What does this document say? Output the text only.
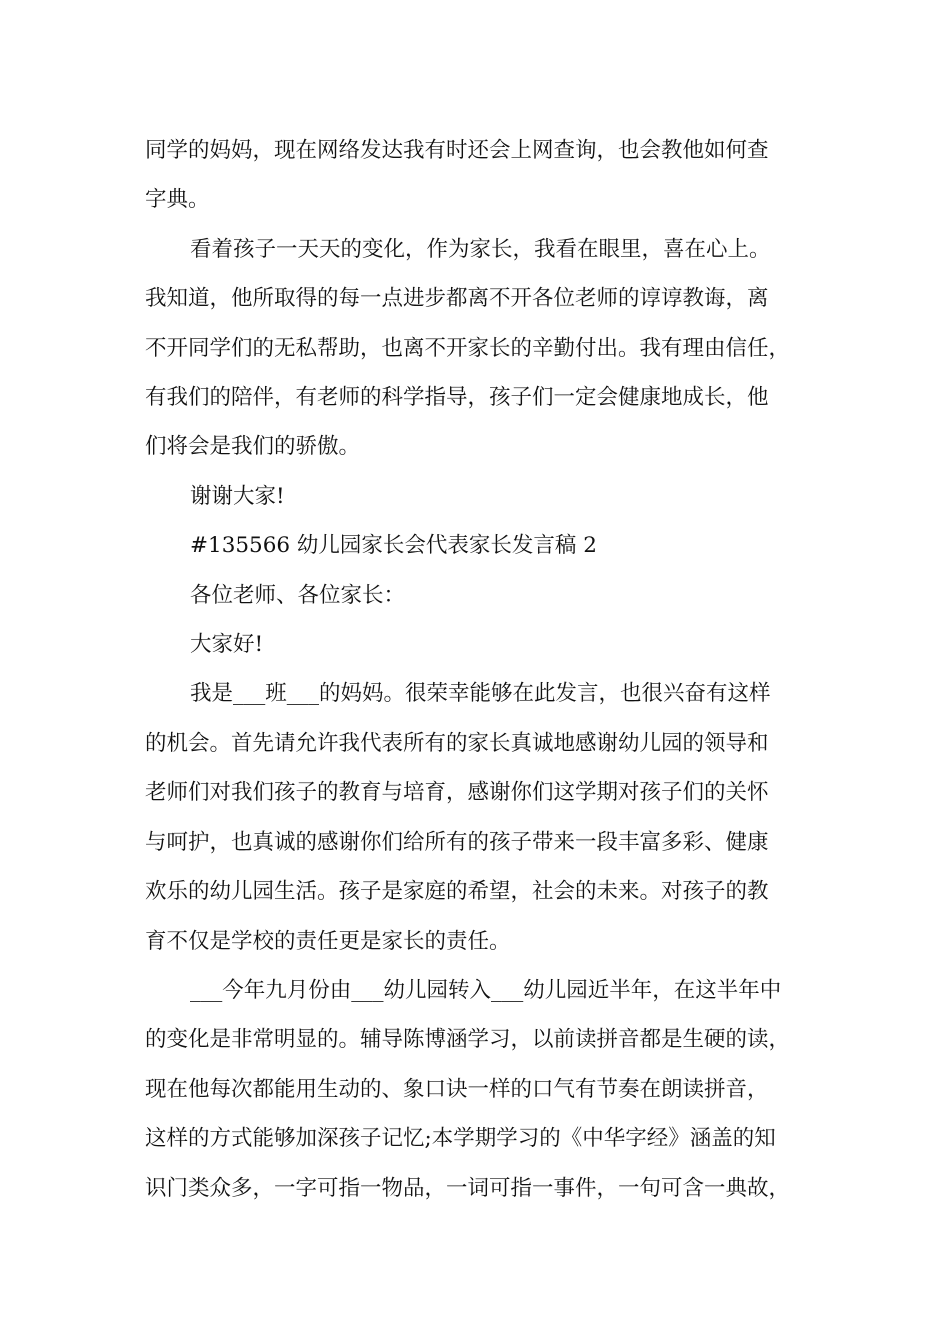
同学的妈妈，现在网络发达我有时还会上网查询，也会教他如何查
字典。

看着孩子一天天的变化，作为家长，我看在眼里，喜在心上。
我知道，他所取得的每一点进步都离不开各位老师的谆谆教诲，离
不开同学们的无私帮助，也离不开家长的辛勤付出。我有理由信任，
有我们的陪伴，有老师的科学指导，孩子们一定会健康地成长，他
们将会是我们的骄傲。

谢谢大家!

#135566 幼儿园家长会代表家长发言稿 2

各位老师、各位家长：

大家好!

我是___班___的妈妈。很荣幸能够在此发言，也很兴奋有这样
的机会。首先请允许我代表所有的家长真诚地感谢幼儿园的领导和
老师们对我们孩子的教育与培育，感谢你们这学期对孩子们的关怀
与呵护，也真诚的感谢你们给所有的孩子带来一段丰富多彩、健康
欢乐的幼儿园生活。孩子是家庭的希望，社会的未来。对孩子的教
育不仅是学校的责任更是家长的责任。

___今年九月份由___幼儿园转入___幼儿园近半年，在这半年中
的变化是非常明显的。辅导陈博涵学习，以前读拼音都是生硬的读，
现在他每次都能用生动的、象口诀一样的口气有节奏在朗读拼音，
这样的方式能够加深孩子记忆;本学期学习的《中华字经》涵盖的知
识门类众多，一字可指一物品，一词可指一事件，一句可含一典故，
